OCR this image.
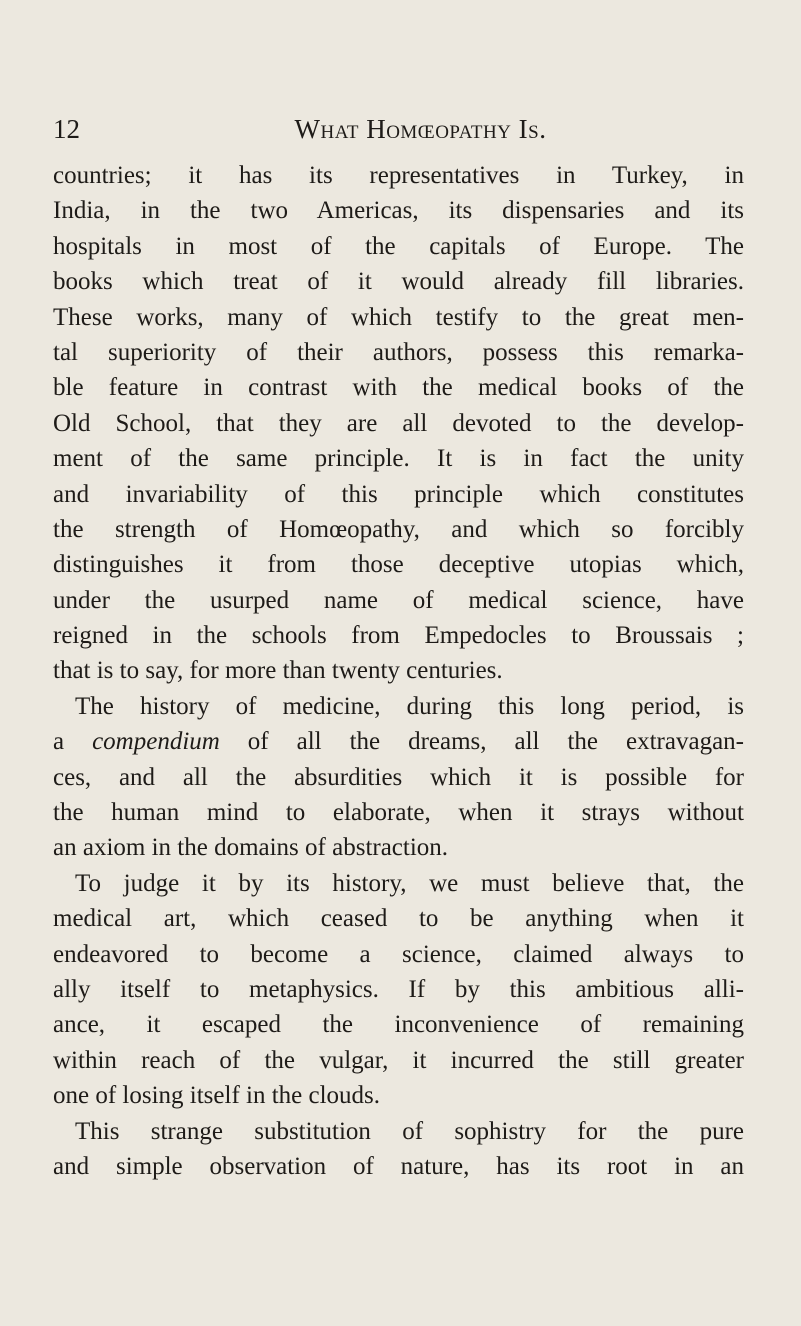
12	What Homœopathy Is.
countries; it has its representatives in Turkey, in
India, in the two Americas, its dispensaries and its
hospitals in most of the capitals of Europe. The
books which treat of it would already fill libraries.
These works, many of which testify to the great men-
tal superiority of their authors, possess this remarka-
ble feature in contrast with the medical books of the
Old School, that they are all devoted to the develop-
ment of the same principle. It is in fact the unity
and invariability of this principle which constitutes
the strength of Homœopathy, and which so forcibly
distinguishes it from those deceptive utopias which,
under the usurped name of medical science, have
reigned in the schools from Empedocles to Broussais ;
that is to say, for more than twenty centuries.
The history of medicine, during this long period, is
a compendium of all the dreams, all the extravagan-
ces, and all the absurdities which it is possible for
the human mind to elaborate, when it strays without
an axiom in the domains of abstraction.
To judge it by its history, we must believe that, the
medical art, which ceased to be anything when it
endeavored to become a science, claimed always to
ally itself to metaphysics. If by this ambitious alli-
ance, it escaped the inconvenience of remaining
within reach of the vulgar, it incurred the still greater
one of losing itself in the clouds.
This strange substitution of sophistry for the pure
and simple observation of nature, has its root in an
